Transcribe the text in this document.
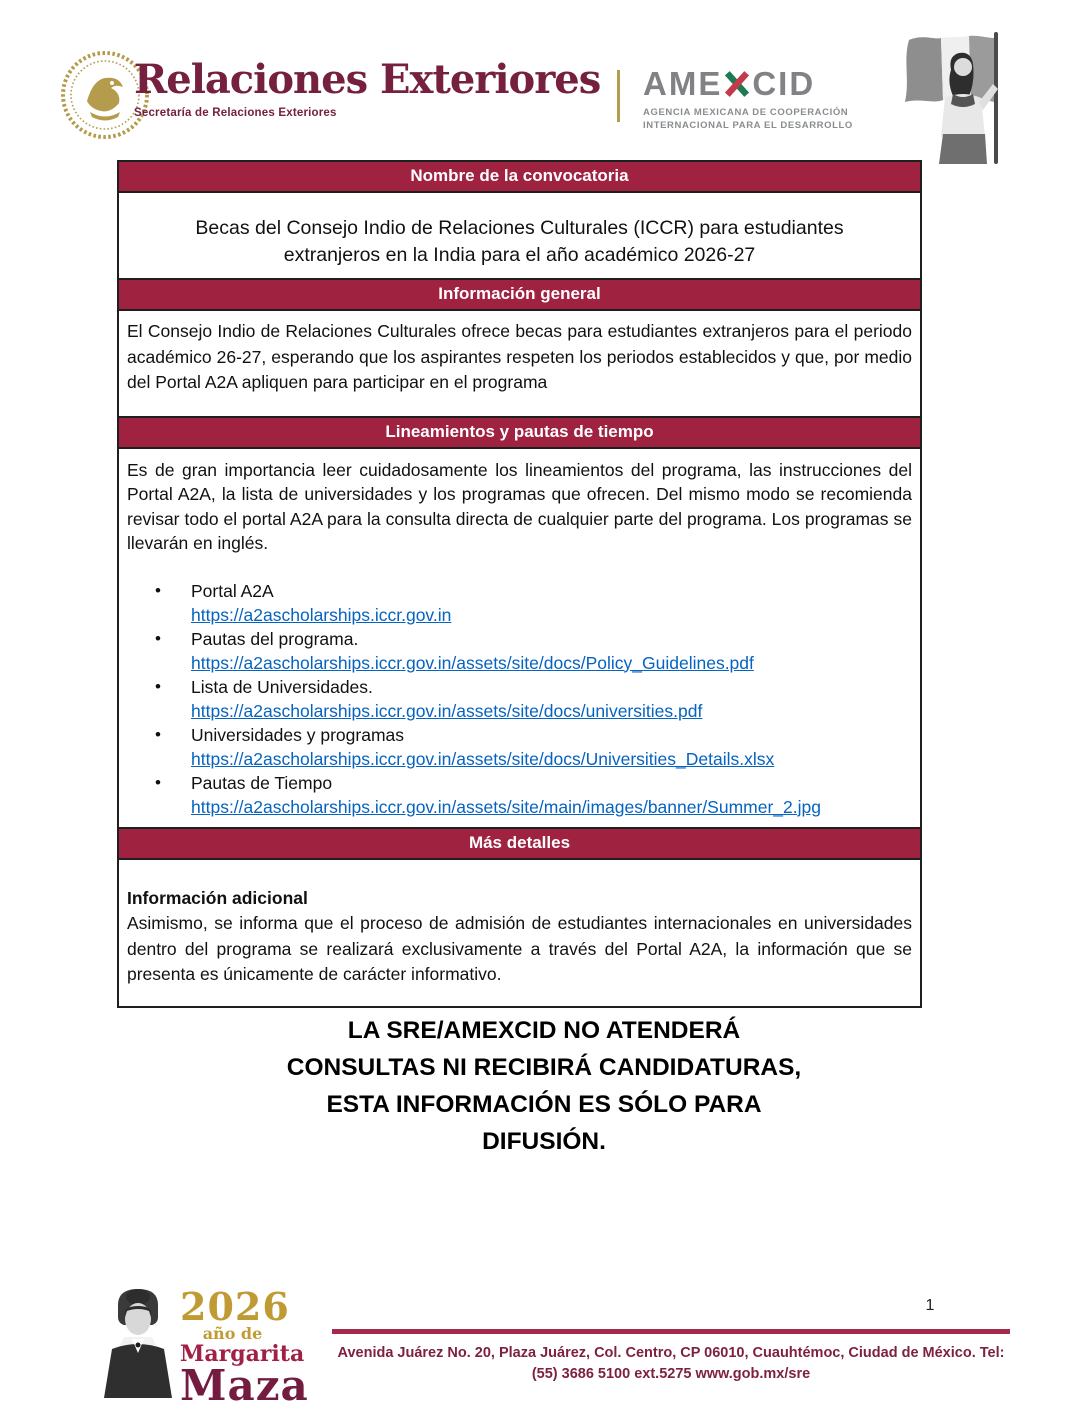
Relaciones Exteriores
Secretaría de Relaciones Exteriores
AME CID
AGENCIA MEXICANA DE COOPERACIÓN
INTERNACIONAL PARA EL DESARROLLO
Nombre de la convocatoria
Becas del Consejo Indio de Relaciones Culturales (ICCR) para estudiantes extranjeros en la India para el año académico 2026-27
Información general
El Consejo Indio de Relaciones Culturales ofrece becas para estudiantes extranjeros para el periodo académico 26-27, esperando que los aspirantes respeten los periodos establecidos y que, por medio del Portal A2A apliquen para participar en el programa
Lineamientos y pautas de tiempo
Es de gran importancia leer cuidadosamente los lineamientos del programa, las instrucciones del Portal A2A, la lista de universidades y los programas que ofrecen. Del mismo modo se recomienda revisar todo el portal A2A para la consulta directa de cualquier parte del programa. Los programas se llevarán en inglés.
• Portal A2A
https://a2ascholarships.iccr.gov.in
• Pautas del programa.
https://a2ascholarships.iccr.gov.in/assets/site/docs/Policy_Guidelines.pdf
• Lista de Universidades.
https://a2ascholarships.iccr.gov.in/assets/site/docs/universities.pdf
• Universidades y programas
https://a2ascholarships.iccr.gov.in/assets/site/docs/Universities_Details.xlsx
• Pautas de Tiempo
https://a2ascholarships.iccr.gov.in/assets/site/main/images/banner/Summer_2.jpg
Más detalles
Información adicional
Asimismo, se informa que el proceso de admisión de estudiantes internacionales en universidades dentro del programa se realizará exclusivamente a través del Portal A2A, la información que se presenta es únicamente de carácter informativo.
LA SRE/AMEXCID NO ATENDERÁ
CONSULTAS NI RECIBIRÁ CANDIDATURAS,
ESTA INFORMACIÓN ES SÓLO PARA
DIFUSIÓN.
2026
año de
Margarita
Maza
1
Avenida Juárez No. 20, Plaza Juárez, Col. Centro, CP 06010, Cuauhtémoc, Ciudad de México. Tel:
(55) 3686 5100 ext.5275 www.gob.mx/sre
